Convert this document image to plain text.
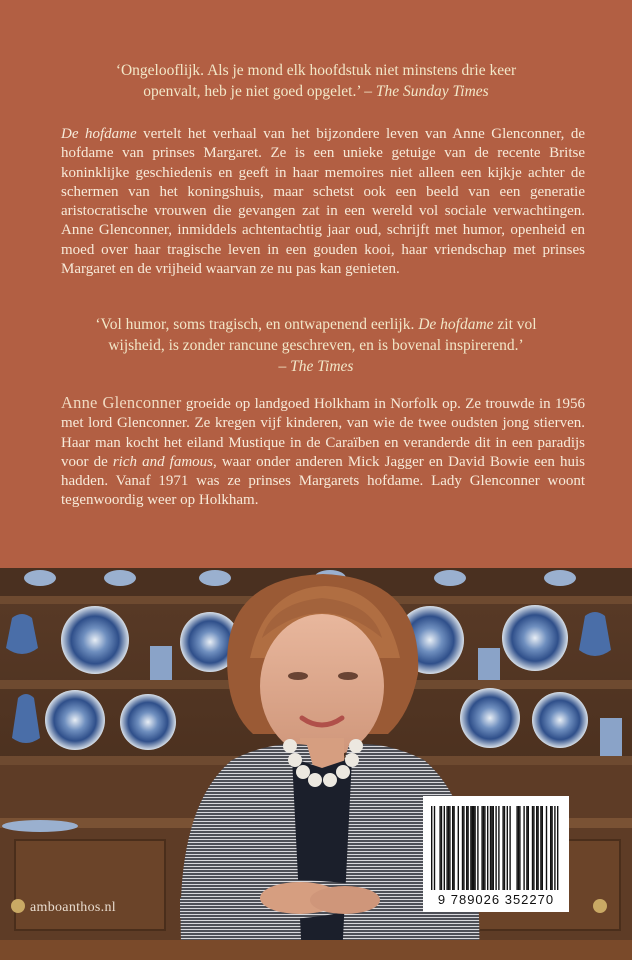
‘Ongelooflijk. Als je mond elk hoofdstuk niet minstens drie keer
openvalt, heb je niet goed opgelet.’ – The Sunday Times
De hofdame vertelt het verhaal van het bijzondere leven van Anne Glenconner, de hofdame van prinses Margaret. Ze is een unieke getuige van de recente Britse koninklijke geschiedenis en geeft in haar memoires niet alleen een kijkje achter de schermen van het koningshuis, maar schetst ook een beeld van een generatie aristocratische vrouwen die gevangen zat in een wereld vol sociale verwachtingen. Anne Glenconner, inmiddels achtentachtig jaar oud, schrijft met humor, openheid en moed over haar tragische leven in een gouden kooi, haar vriendschap met prinses Margaret en de vrijheid waarvan ze nu pas kan genieten.
‘Vol humor, soms tragisch, en ontwapenend eerlijk. De hofdame zit vol
wijsheid, is zonder rancune geschreven, en is bovenal inspirerend.’
– The Times
Anne Glenconner groeide op landgoed Holkham in Norfolk op. Ze trouwde in 1956 met lord Glenconner. Ze kregen vijf kinderen, van wie de twee oudsten jong stierven. Haar man kocht het eiland Mustique in de Caraïben en veranderde dit in een paradijs voor de rich and famous, waar onder anderen Mick Jagger en David Bowie een huis hadden. Vanaf 1971 was ze prinses Margarets hofdame. Lady Glenconner woont tegenwoordig weer op Holkham.
amboanthos.nl
9 789026 352270
